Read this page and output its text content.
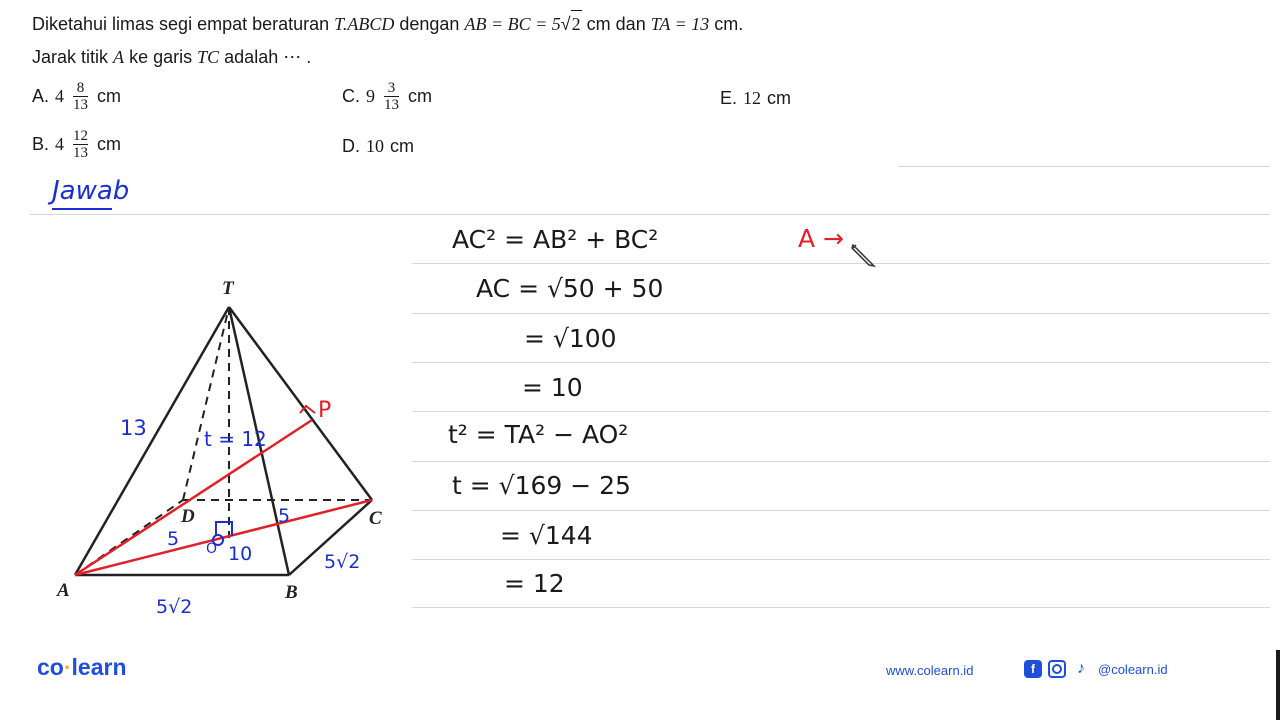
Diketahui limas segi empat beraturan T.ABCD dengan AB = BC = 5√2 cm dan TA = 13 cm.
Jarak titik A ke garis TC adalah ⋯ .
A. $4 \frac{8}{13}$ cm
B. $4 \frac{12}{13}$ cm
C. $9 \frac{3}{13}$ cm
D. 10 cm
E. 12 cm
Jawab
T
A	B
C
D
P
O
13	t = 12
5
5
10	5√2
5√2
AC² = AB² + BC²
AC = √50 + 50
= √100
= 10
t² = TA² − AO²
t = √169 − 25
= √144
= 12
A →
co·learn	www.colearn.id	f	♪	@colearn.id
